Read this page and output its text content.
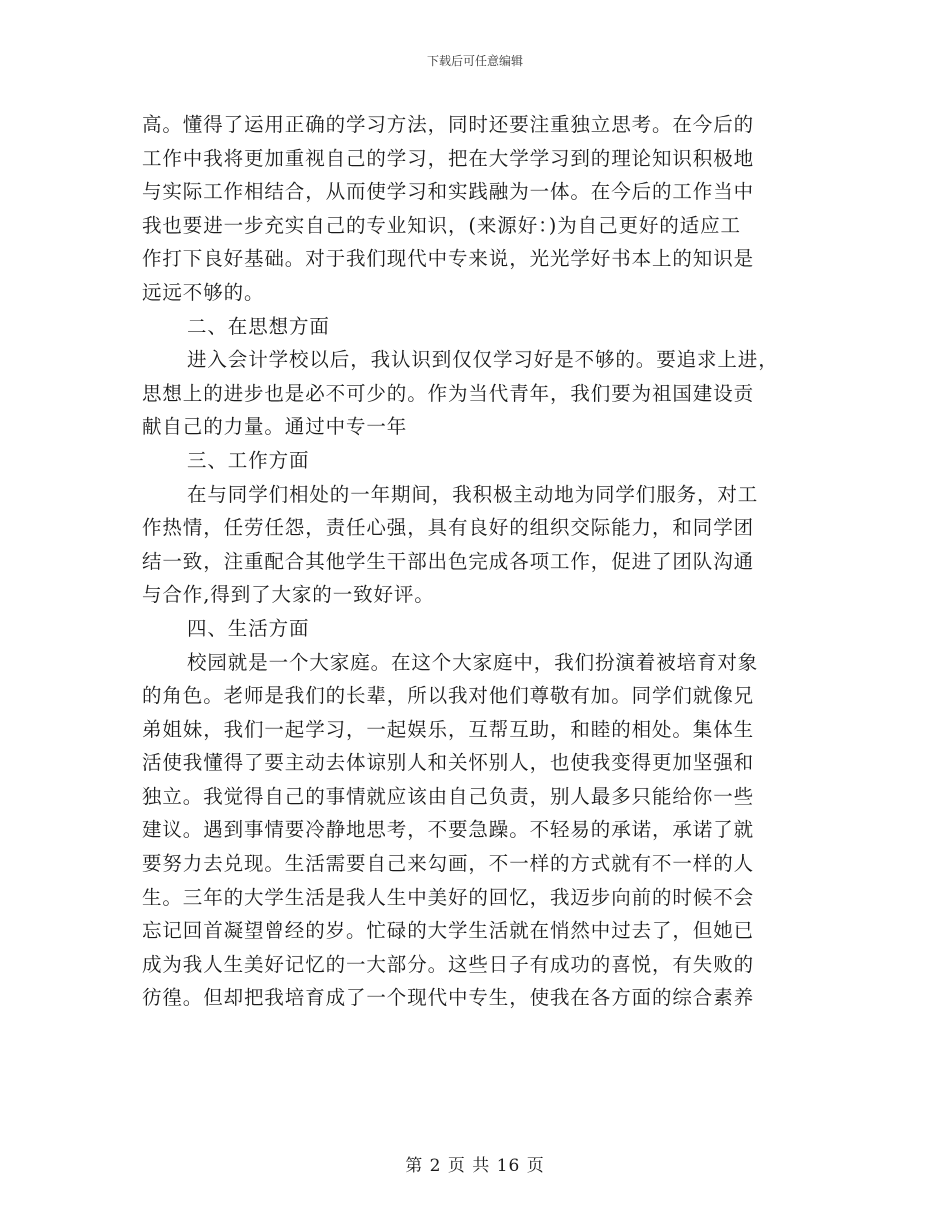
下载后可任意编辑
高。懂得了运用正确的学习方法，同时还要注重独立思考。在今后的
工作中我将更加重视自己的学习，把在大学学习到的理论知识积极地
与实际工作相结合，从而使学习和实践融为一体。在今后的工作当中
我也要进一步充实自己的专业知识，(来源好：)为自己更好的适应工
作打下良好基础。对于我们现代中专来说，光光学好书本上的知识是
远远不够的。
二、在思想方面
进入会计学校以后，我认识到仅仅学习好是不够的。要追求上进，
思想上的进步也是必不可少的。作为当代青年，我们要为祖国建设贡
献自己的力量。通过中专一年
三、工作方面
在与同学们相处的一年期间，我积极主动地为同学们服务，对工
作热情，任劳任怨，责任心强，具有良好的组织交际能力，和同学团
结一致，注重配合其他学生干部出色完成各项工作，促进了团队沟通
与合作,得到了大家的一致好评。
四、生活方面
校园就是一个大家庭。在这个大家庭中，我们扮演着被培育对象
的角色。老师是我们的长辈，所以我对他们尊敬有加。同学们就像兄
弟姐妹，我们一起学习，一起娱乐，互帮互助，和睦的相处。集体生
活使我懂得了要主动去体谅别人和关怀别人，也使我变得更加坚强和
独立。我觉得自己的事情就应该由自己负责，别人最多只能给你一些
建议。遇到事情要冷静地思考，不要急躁。不轻易的承诺，承诺了就
要努力去兑现。生活需要自己来勾画，不一样的方式就有不一样的人
生。三年的大学生活是我人生中美好的回忆，我迈步向前的时候不会
忘记回首凝望曾经的岁。忙碌的大学生活就在悄然中过去了，但她已
成为我人生美好记忆的一大部分。这些日子有成功的喜悦，有失败的
彷徨。但却把我培育成了一个现代中专生，使我在各方面的综合素养
第 2 页 共 16 页
